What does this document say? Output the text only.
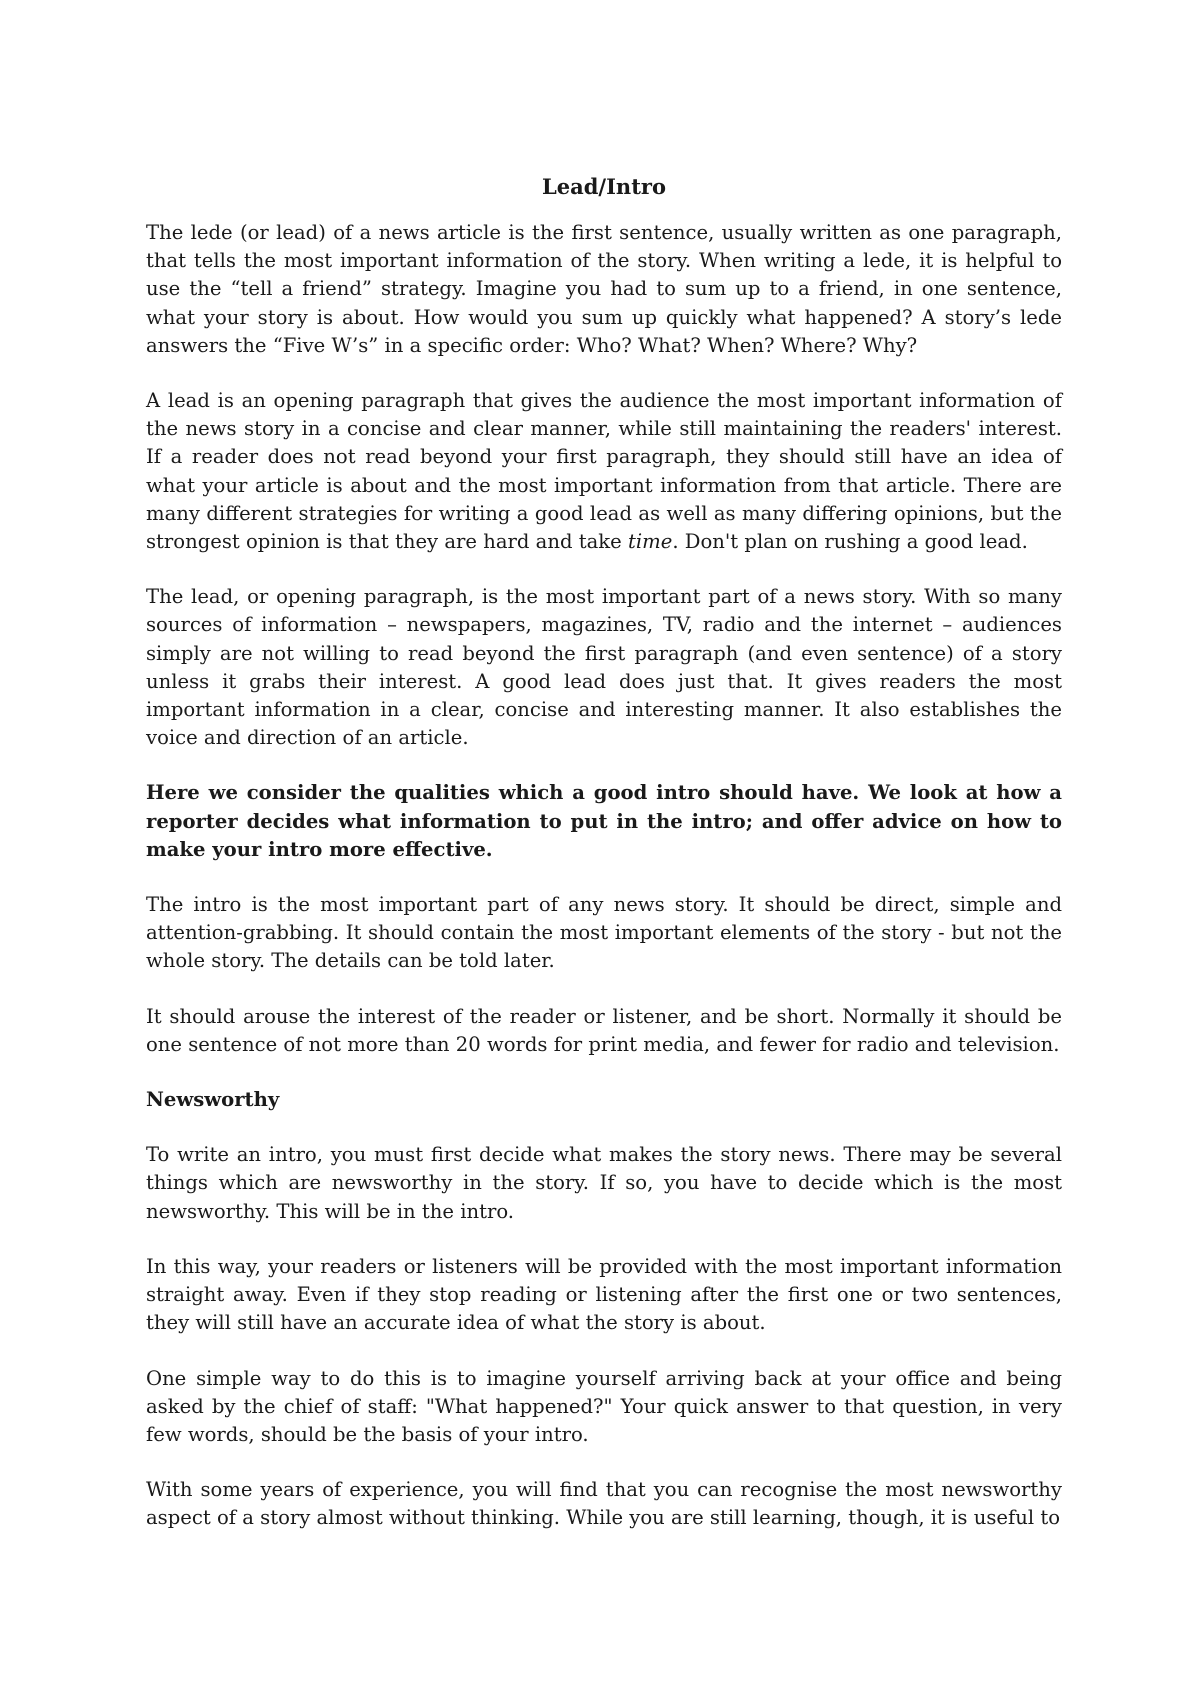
Lead/Intro

The lede (or lead) of a news article is the first sentence, usually written as one paragraph, that tells the most important information of the story. When writing a lede, it is helpful to use the “tell a friend” strategy. Imagine you had to sum up to a friend, in one sentence, what your story is about. How would you sum up quickly what happened? A story’s lede answers the “Five W’s” in a specific order: Who? What? When? Where? Why?

A lead is an opening paragraph that gives the audience the most important information of the news story in a concise and clear manner, while still maintaining the readers' interest. If a reader does not read beyond your first paragraph, they should still have an idea of what your article is about and the most important information from that article. There are many different strategies for writing a good lead as well as many differing opinions, but the strongest opinion is that they are hard and take time. Don't plan on rushing a good lead.

The lead, or opening paragraph, is the most important part of a news story. With so many sources of information – newspapers, magazines, TV, radio and the internet – audiences simply are not willing to read beyond the first paragraph (and even sentence) of a story unless it grabs their interest. A good lead does just that. It gives readers the most important information in a clear, concise and interesting manner. It also establishes the voice and direction of an article.

Here we consider the qualities which a good intro should have. We look at how a reporter decides what information to put in the intro; and offer advice on how to make your intro more effective.

The intro is the most important part of any news story. It should be direct, simple and attention-grabbing. It should contain the most important elements of the story - but not the whole story. The details can be told later.

It should arouse the interest of the reader or listener, and be short. Normally it should be one sentence of not more than 20 words for print media, and fewer for radio and television.

Newsworthy

To write an intro, you must first decide what makes the story news. There may be several things which are newsworthy in the story. If so, you have to decide which is the most newsworthy. This will be in the intro.

In this way, your readers or listeners will be provided with the most important information straight away. Even if they stop reading or listening after the first one or two sentences, they will still have an accurate idea of what the story is about.

One simple way to do this is to imagine yourself arriving back at your office and being asked by the chief of staff: "What happened?" Your quick answer to that question, in very few words, should be the basis of your intro.

With some years of experience, you will find that you can recognise the most newsworthy aspect of a story almost without thinking. While you are still learning, though, it is useful to
